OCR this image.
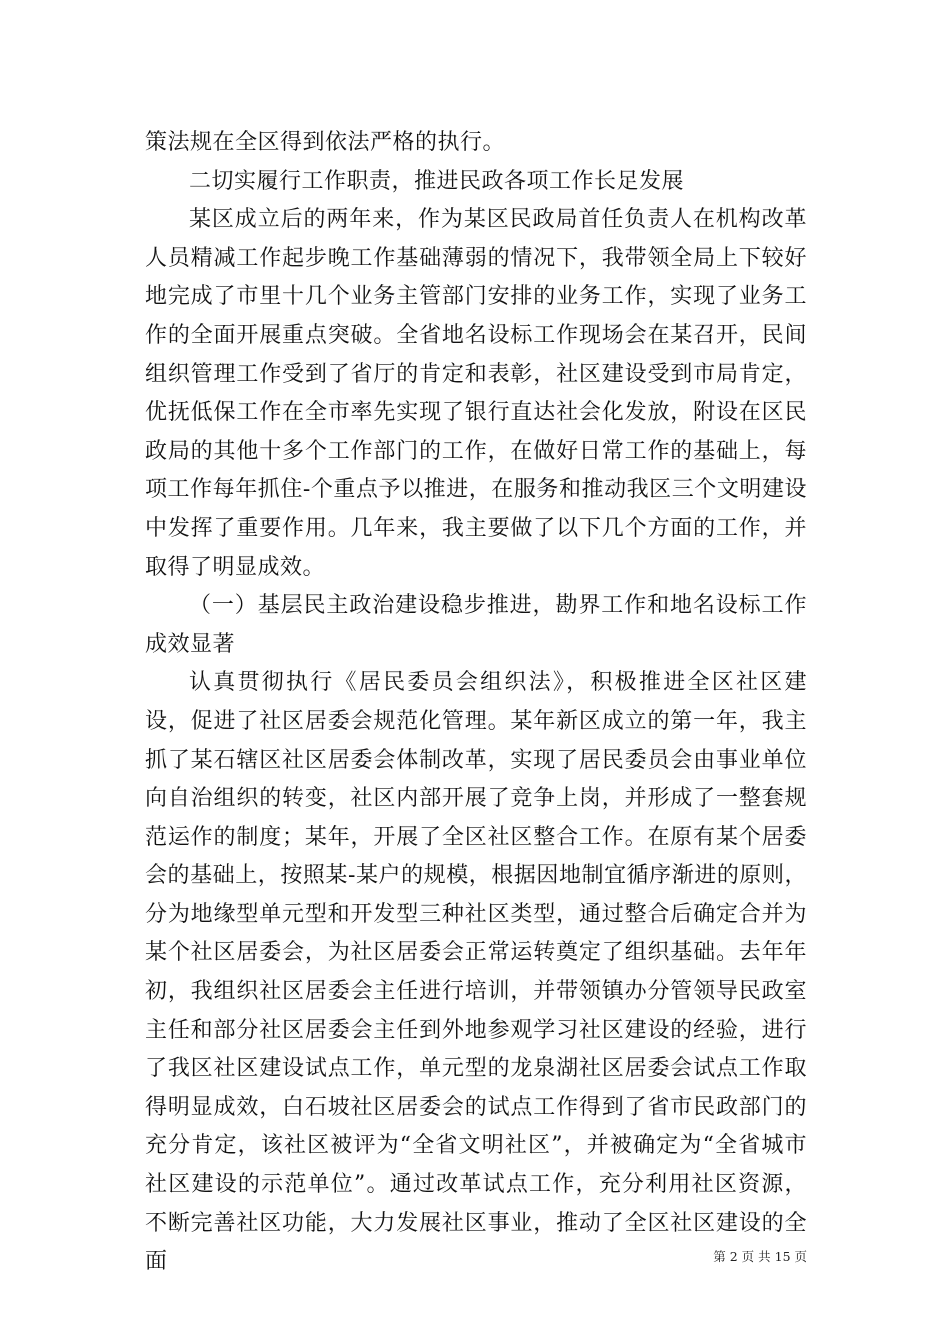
策法规在全区得到依法严格的执行。

二切实履行工作职责，推进民政各项工作长足发展

某区成立后的两年来，作为某区民政局首任负责人在机构改革人员精减工作起步晚工作基础薄弱的情况下，我带领全局上下较好地完成了市里十几个业务主管部门安排的业务工作，实现了业务工作的全面开展重点突破。全省地名设标工作现场会在某召开，民间组织管理工作受到了省厅的肯定和表彰，社区建设受到市局肯定，优抚低保工作在全市率先实现了银行直达社会化发放，附设在区民政局的其他十多个工作部门的工作，在做好日常工作的基础上，每项工作每年抓住-个重点予以推进，在服务和推动我区三个文明建设中发挥了重要作用。几年来，我主要做了以下几个方面的工作，并取得了明显成效。

（一）基层民主政治建设稳步推进，勘界工作和地名设标工作成效显著

认真贯彻执行《居民委员会组织法》，积极推进全区社区建设，促进了社区居委会规范化管理。某年新区成立的第一年，我主抓了某石辖区社区居委会体制改革，实现了居民委员会由事业单位向自治组织的转变，社区内部开展了竞争上岗，并形成了一整套规范运作的制度；某年，开展了全区社区整合工作。在原有某个居委会的基础上，按照某-某户的规模，根据因地制宜循序渐进的原则，分为地缘型单元型和开发型三种社区类型，通过整合后确定合并为某个社区居委会，为社区居委会正常运转奠定了组织基础。去年年初，我组织社区居委会主任进行培训，并带领镇办分管领导民政室主任和部分社区居委会主任到外地参观学习社区建设的经验，进行了我区社区建设试点工作，单元型的龙泉湖社区居委会试点工作取得明显成效，白石坡社区居委会的试点工作得到了省市民政部门的充分肯定，该社区被评为“全省文明社区”，并被确定为“全省城市社区建设的示范单位”。通过改革试点工作，充分利用社区资源，不断完善社区功能，大力发展社区事业，推动了全区社区建设的全面	第 2 页 共 15 页
